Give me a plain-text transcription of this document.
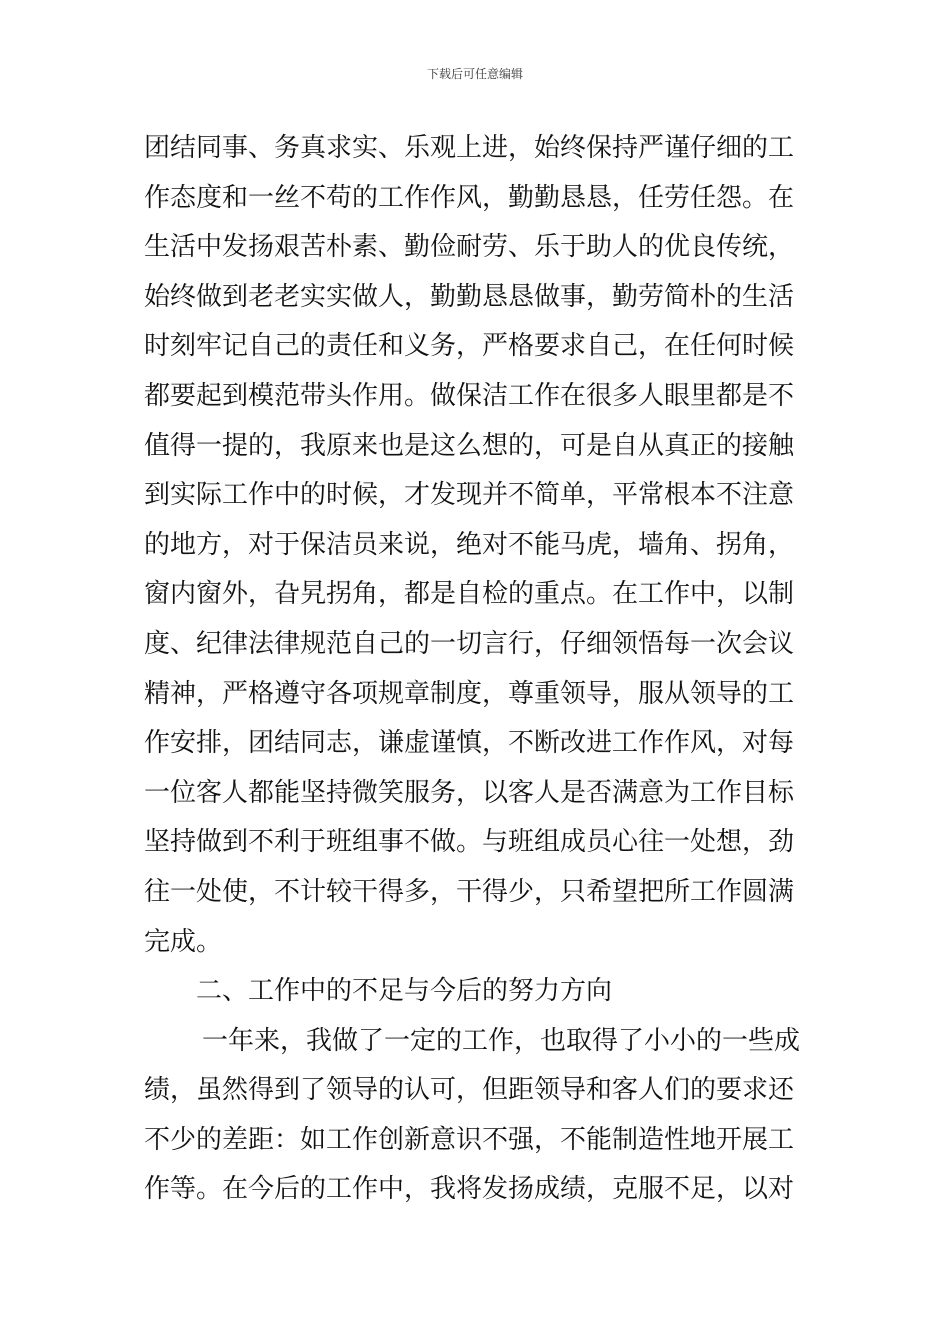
下载后可任意编辑
团结同事、务真求实、乐观上进，始终保持严谨仔细的工
作态度和一丝不苟的工作作风，勤勤恳恳，任劳任怨。在
生活中发扬艰苦朴素、勤俭耐劳、乐于助人的优良传统，
始终做到老老实实做人，勤勤恳恳做事，勤劳简朴的生活
时刻牢记自己的责任和义务，严格要求自己，在任何时候
都要起到模范带头作用。做保洁工作在很多人眼里都是不
值得一提的，我原来也是这么想的，可是自从真正的接触
到实际工作中的时候，才发现并不简单，平常根本不注意
的地方，对于保洁员来说，绝对不能马虎，墙角、拐角，
窗内窗外，旮旯拐角，都是自检的重点。在工作中，以制
度、纪律法律规范自己的一切言行，仔细领悟每一次会议
精神，严格遵守各项规章制度，尊重领导，服从领导的工
作安排，团结同志，谦虚谨慎，不断改进工作作风，对每
一位客人都能坚持微笑服务，以客人是否满意为工作目标
坚持做到不利于班组事不做。与班组成员心往一处想，劲
往一处使，不计较干得多，干得少，只希望把所工作圆满
完成。
二、工作中的不足与今后的努力方向
一年来，我做了一定的工作，也取得了小小的一些成
绩，虽然得到了领导的认可，但距领导和客人们的要求还
不少的差距：如工作创新意识不强，不能制造性地开展工
作等。在今后的工作中，我将发扬成绩，克服不足，以对
